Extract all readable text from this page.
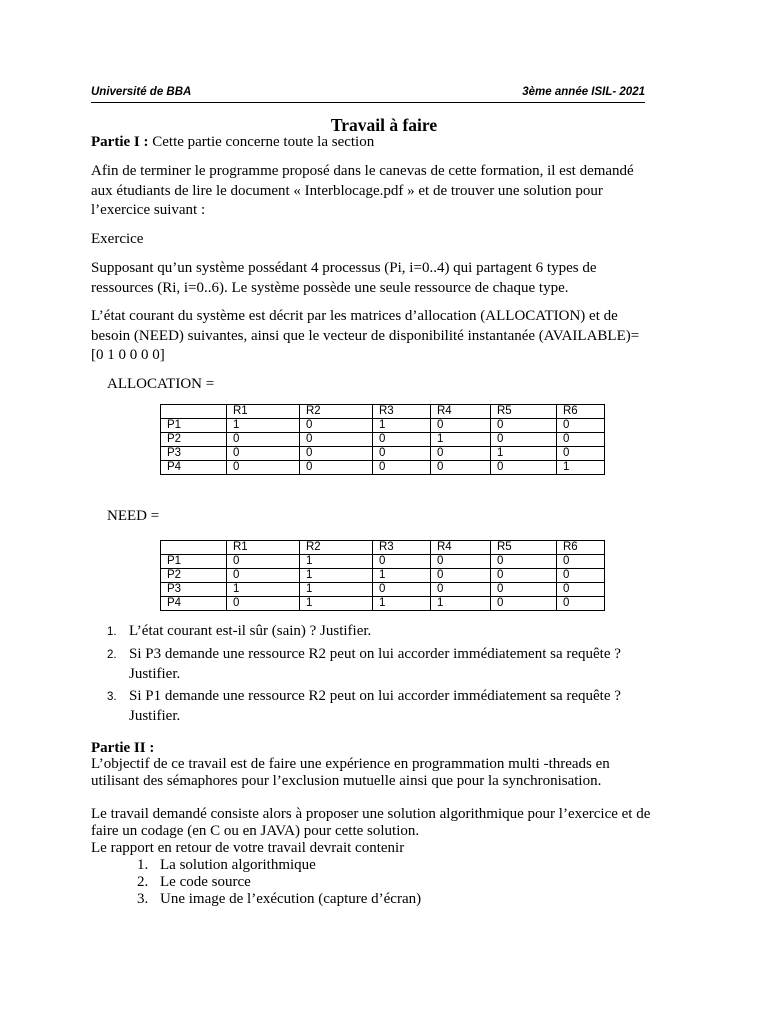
Université de BBA	3ème année ISIL- 2021
Travail à faire
Partie I : Cette partie concerne toute la section
Afin de terminer le programme proposé dans le canevas de cette formation, il est demandé
aux étudiants de lire le document « Interblocage.pdf » et de trouver une solution pour
l’exercice suivant :
Exercice
Supposant qu’un système possédant 4 processus (Pi, i=0..4) qui partagent 6 types de
ressources (Ri, i=0..6). Le système possède une seule ressource de chaque type.
L’état courant du système est décrit par les matrices d’allocation (ALLOCATION) et de
besoin (NEED) suivantes, ainsi que le vecteur de disponibilité instantanée (AVAILABLE)=
[0 1 0 0 0 0]
ALLOCATION =
	R1	R2	R3	R4	R5	R6
P1	1	0	1	0	0	0
P2	0	0	0	1	0	0
P3	0	0	0	0	1	0
P4	0	0	0	0	0	1
NEED =
	R1	R2	R3	R4	R5	R6
P1	0	1	0	0	0	0
P2	0	1	1	0	0	0
P3	1	1	0	0	0	0
P4	0	1	1	1	0	0
1. L’état courant est-il sûr (sain) ? Justifier.
2. Si P3 demande une ressource R2 peut on lui accorder immédiatement sa requête ?
Justifier.
3. Si P1 demande une ressource R2 peut on lui accorder immédiatement sa requête ?
Justifier.
Partie II :
L’objectif de ce travail est de faire une expérience en programmation multi -threads en
utilisant des sémaphores pour l’exclusion mutuelle ainsi que pour la synchronisation.
Le travail demandé consiste alors à proposer une solution algorithmique pour l’exercice et de
faire un codage (en C ou en JAVA) pour cette solution.
Le rapport en retour de votre travail devrait contenir
1. La solution algorithmique
2. Le code source
3. Une image de l’exécution (capture d’écran)
